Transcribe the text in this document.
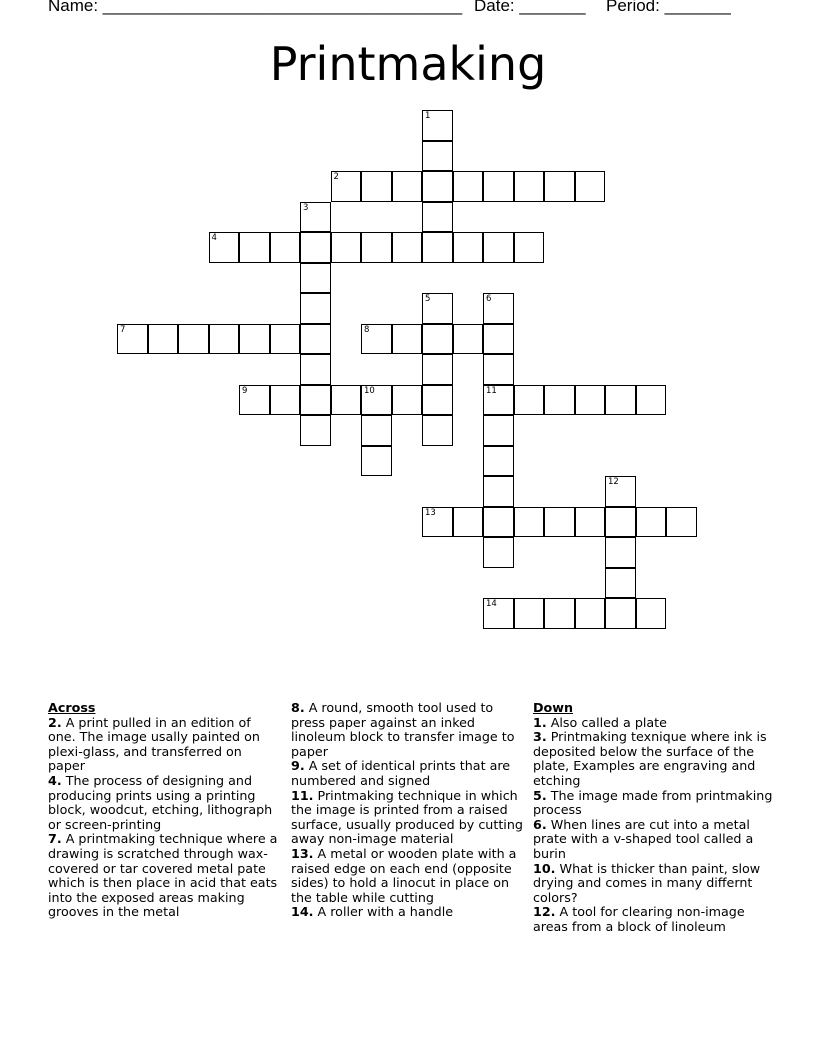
Name: ______________________________________ Date: _______ Period: _______
Printmaking
1
2
3
4
5	6
7	8
9	10	11
12
13
14
Across
2. A print pulled in an edition of one. The image usally painted on plexi-glass, and transferred on paper
4. The process of designing and producing prints using a printing block, woodcut, etching, lithograph or screen-printing
7. A printmaking technique where a drawing is scratched through wax-covered or tar covered metal pate which is then place in acid that eats into the exposed areas making grooves in the metal
8. A round, smooth tool used to press paper against an inked linoleum block to transfer image to paper
9. A set of identical prints that are numbered and signed
11. Printmaking technique in which the image is printed from a raised surface, usually produced by cutting away non-image material
13. A metal or wooden plate with a raised edge on each end (opposite sides) to hold a linocut in place on the table while cutting
14. A roller with a handle
Down
1. Also called a plate
3. Printmaking texnique where ink is deposited below the surface of the plate, Examples are engraving and etching
5. The image made from printmaking process
6. When lines are cut into a metal prate with a v-shaped tool called a burin
10. What is thicker than paint, slow drying and comes in many differnt colors?
12. A tool for clearing non-image areas from a block of linoleum
